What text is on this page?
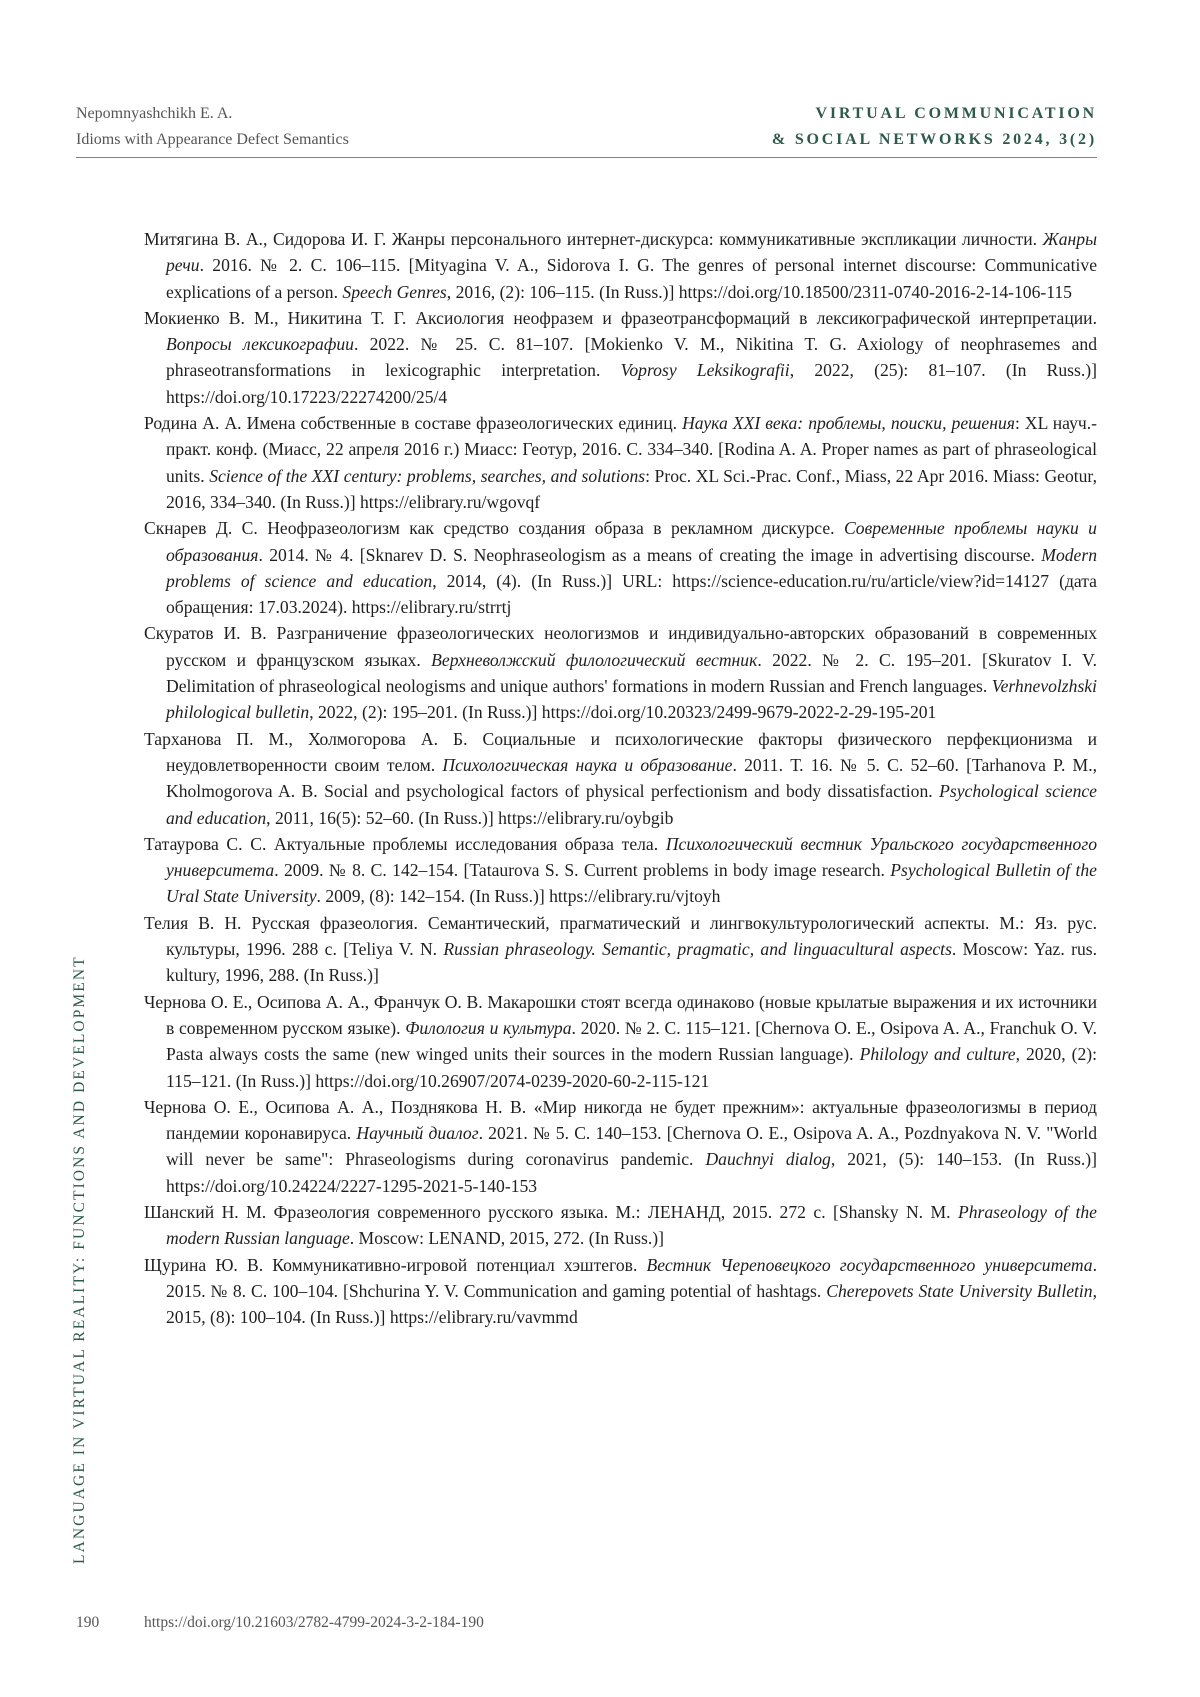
Nepomnyashchikh E. A.
Idioms with Appearance Defect Semantics
VIRTUAL COMMUNICATION
& SOCIAL NETWORKS 2024, 3(2)
LANGUAGE IN VIRTUAL REALITY: FUNCTIONS AND DEVELOPMENT
Митягина В. А., Сидорова И. Г. Жанры персонального интернет-дискурса: коммуникативные экспликации личности. Жанры речи. 2016. № 2. С. 106–115. [Mityagina V. A., Sidorova I. G. The genres of personal internet discourse: Communicative explications of a person. Speech Genres, 2016, (2): 106–115. (In Russ.)] https://doi.org/10.18500/2311-0740-2016-2-14-106-115
Мокиенко В. М., Никитина Т. Г. Аксиология неофразем и фразеотрансформаций в лексикографической интерпретации. Вопросы лексикографии. 2022. № 25. С. 81–107. [Mokienko V. M., Nikitina T. G. Axiology of neophrasemes and phraseotransformations in lexicographic interpretation. Voprosy Leksikografii, 2022, (25): 81–107. (In Russ.)] https://doi.org/10.17223/22274200/25/4
Родина А. А. Имена собственные в составе фразеологических единиц. Наука XXI века: проблемы, поиски, решения: XL науч.-практ. конф. (Миасс, 22 апреля 2016 г.) Миасс: Геотур, 2016. С. 334–340. [Rodina A. A. Proper names as part of phraseological units. Science of the XXI century: problems, searches, and solutions: Proc. XL Sci.-Prac. Conf., Miass, 22 Apr 2016. Miass: Geotur, 2016, 334–340. (In Russ.)] https://elibrary.ru/wgovqf
Скнарев Д. С. Неофразеологизм как средство создания образа в рекламном дискурсе. Современные проблемы науки и образования. 2014. № 4. [Sknarev D. S. Neophraseologism as a means of creating the image in advertising discourse. Modern problems of science and education, 2014, (4). (In Russ.)] URL: https://science-education.ru/ru/article/view?id=14127 (дата обращения: 17.03.2024). https://elibrary.ru/strrtj
Скуратов И. В. Разграничение фразеологических неологизмов и индивидуально-авторских образований в современных русском и французском языках. Верхневолжский филологический вестник. 2022. № 2. С. 195–201. [Skuratov I. V. Delimitation of phraseological neologisms and unique authors' formations in modern Russian and French languages. Verhnevolzhski philological bulletin, 2022, (2): 195–201. (In Russ.)] https://doi.org/10.20323/2499-9679-2022-2-29-195-201
Тарханова П. М., Холмогорова А. Б. Социальные и психологические факторы физического перфекционизма и неудовлетворенности своим телом. Психологическая наука и образование. 2011. Т. 16. № 5. С. 52–60. [Tarhanova P. M., Kholmogorova A. B. Social and psychological factors of physical perfectionism and body dissatisfaction. Psychological science and education, 2011, 16(5): 52–60. (In Russ.)] https://elibrary.ru/oybgib
Татаурова С. С. Актуальные проблемы исследования образа тела. Психологический вестник Уральского государственного университета. 2009. № 8. С. 142–154. [Tataurova S. S. Current problems in body image research. Psychological Bulletin of the Ural State University. 2009, (8): 142–154. (In Russ.)] https://elibrary.ru/vjtoyh
Телия В. Н. Русская фразеология. Семантический, прагматический и лингвокультурологический аспекты. М.: Яз. рус. культуры, 1996. 288 с. [Teliya V. N. Russian phraseology. Semantic, pragmatic, and linguacultural aspects. Moscow: Yaz. rus. kultury, 1996, 288. (In Russ.)]
Чернова О. Е., Осипова А. А., Франчук О. В. Макарошки стоят всегда одинаково (новые крылатые выражения и их источники в современном русском языке). Филология и культура. 2020. № 2. С. 115–121. [Chernova O. E., Osipova A. A., Franchuk O. V. Pasta always costs the same (new winged units their sources in the modern Russian language). Philology and culture, 2020, (2): 115–121. (In Russ.)] https://doi.org/10.26907/2074-0239-2020-60-2-115-121
Чернова О. Е., Осипова А. А., Позднякова Н. В. «Мир никогда не будет прежним»: актуальные фразеологизмы в период пандемии коронавируса. Научный диалог. 2021. № 5. С. 140–153. [Chernova O. E., Osipova A. A., Pozdnyakova N. V. "World will never be same": Phraseologisms during coronavirus pandemic. Dauchnyi dialog, 2021, (5): 140–153. (In Russ.)] https://doi.org/10.24224/2227-1295-2021-5-140-153
Шанский Н. М. Фразеология современного русского языка. М.: ЛЕНАНД, 2015. 272 с. [Shansky N. M. Phraseology of the modern Russian language. Moscow: LENAND, 2015, 272. (In Russ.)]
Щурина Ю. В. Коммуникативно-игровой потенциал хэштегов. Вестник Череповецкого государственного университета. 2015. № 8. С. 100–104. [Shchurina Y. V. Communication and gaming potential of hashtags. Cherepovets State University Bulletin, 2015, (8): 100–104. (In Russ.)] https://elibrary.ru/vavmmd
190	https://doi.org/10.21603/2782-4799-2024-3-2-184-190
